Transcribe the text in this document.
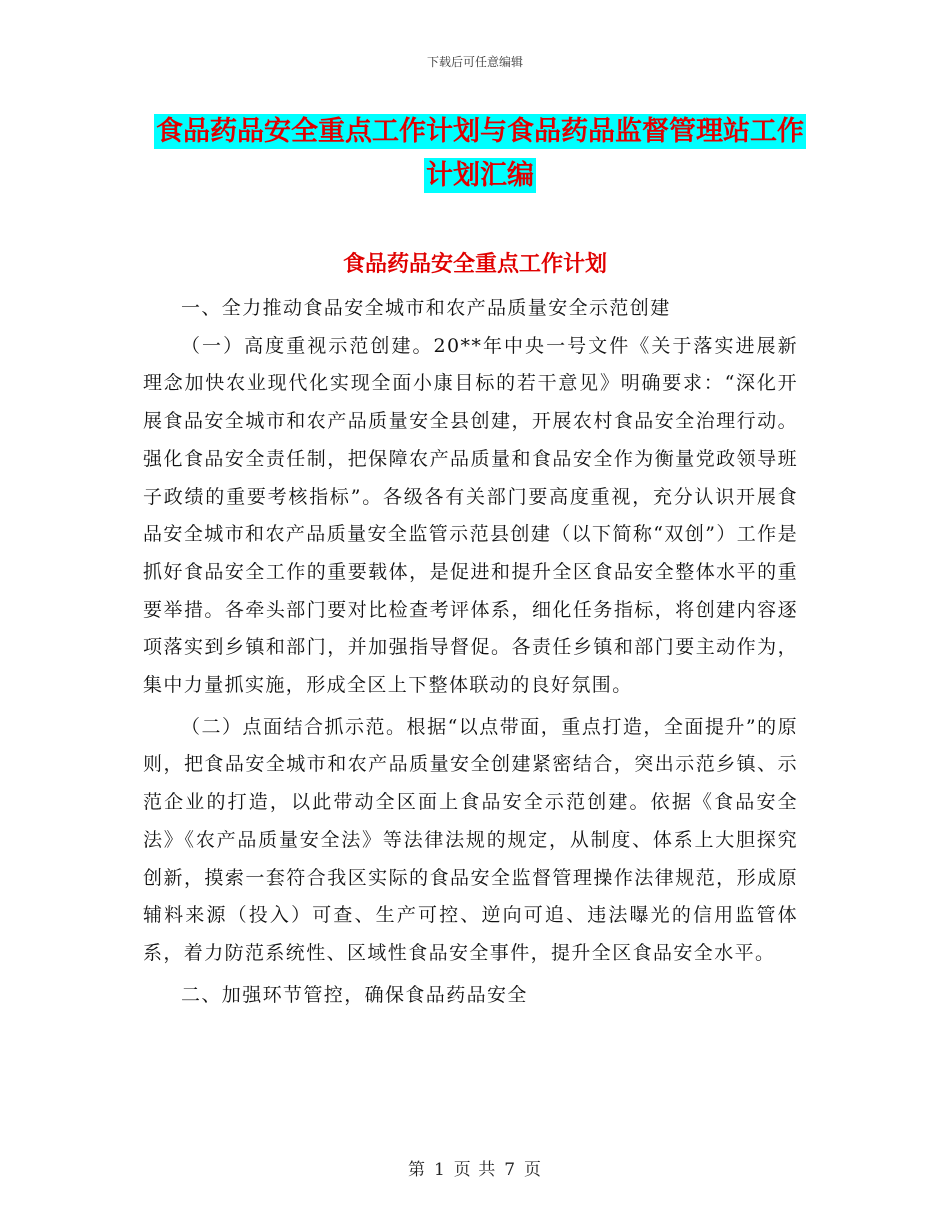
下载后可任意编辑
食品药品安全重点工作计划与食品药品监督管理站工作计划汇编
食品药品安全重点工作计划

一、全力推动食品安全城市和农产品质量安全示范创建

（一）高度重视示范创建。20**年中央一号文件《关于落实进展新理念加快农业现代化实现全面小康目标的若干意见》明确要求：“深化开展食品安全城市和农产品质量安全县创建，开展农村食品安全治理行动。强化食品安全责任制，把保障农产品质量和食品安全作为衡量党政领导班子政绩的重要考核指标”。各级各有关部门要高度重视，充分认识开展食品安全城市和农产品质量安全监管示范县创建（以下简称“双创”）工作是抓好食品安全工作的重要载体，是促进和提升全区食品安全整体水平的重要举措。各牵头部门要对比检查考评体系，细化任务指标，将创建内容逐项落实到乡镇和部门，并加强指导督促。各责任乡镇和部门要主动作为，集中力量抓实施，形成全区上下整体联动的良好氛围。

（二）点面结合抓示范。根据“以点带面，重点打造，全面提升”的原则，把食品安全城市和农产品质量安全创建紧密结合，突出示范乡镇、示范企业的打造，以此带动全区面上食品安全示范创建。依据《食品安全法》《农产品质量安全法》等法律法规的规定，从制度、体系上大胆探究创新，摸索一套符合我区实际的食品安全监督管理操作法律规范，形成原辅料来源（投入）可查、生产可控、逆向可追、违法曝光的信用监管体系，着力防范系统性、区域性食品安全事件，提升全区食品安全水平。

二、加强环节管控，确保食品药品安全

第 1 页 共 7 页
